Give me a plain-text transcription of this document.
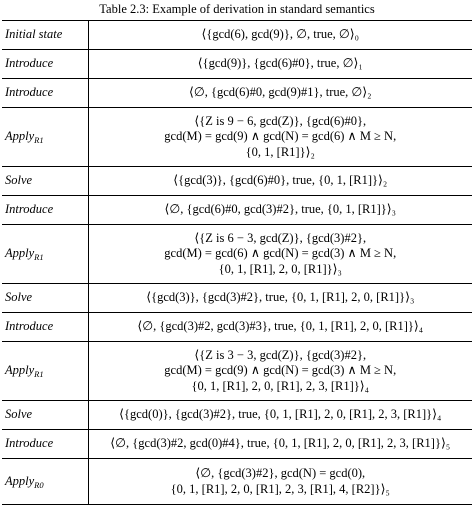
Table 2.3: Example of derivation in standard semantics
Initial state	⟨{gcd(6), gcd(9)}, ∅, true, ∅⟩₀

Introduce	⟨{gcd(9)}, {gcd(6)#0}, true, ∅⟩₁

Introduce	⟨∅, {gcd(6)#0, gcd(9)#1}, true, ∅⟩₂

Apply$_{R1}$	⟨{Z is 9 − 6, gcd(Z)}, {gcd(6)#0},
gcd(M) = gcd(9) ∧ gcd(N) = gcd(6) ∧ M ≥ N,
{0, 1, [R1]}⟩₂

Solve	⟨{gcd(3)}, {gcd(6)#0}, true, {0, 1, [R1]}⟩₂

Introduce	⟨∅, {gcd(6)#0, gcd(3)#2}, true, {0, 1, [R1]}⟩₃

Apply$_{R1}$	⟨{Z is 6 − 3, gcd(Z)}, {gcd(3)#2},
gcd(M) = gcd(6) ∧ gcd(N) = gcd(3) ∧ M ≥ N,
{0, 1, [R1], 2, 0, [R1]}⟩₃

Solve	⟨{gcd(3)}, {gcd(3)#2}, true, {0, 1, [R1], 2, 0, [R1]}⟩₃

Introduce	⟨∅, {gcd(3)#2, gcd(3)#3}, true, {0, 1, [R1], 2, 0, [R1]}⟩₄

Apply$_{R1}$	⟨{Z is 3 − 3, gcd(Z)}, {gcd(3)#2},
gcd(M) = gcd(9) ∧ gcd(N) = gcd(3) ∧ M ≥ N,
{0, 1, [R1], 2, 0, [R1], 2, 3, [R1]}⟩₄

Solve	⟨{gcd(0)}, {gcd(3)#2}, true, {0, 1, [R1], 2, 0, [R1], 2, 3, [R1]}⟩₄

Introduce	⟨∅, {gcd(3)#2, gcd(0)#4}, true, {0, 1, [R1], 2, 0, [R1], 2, 3, [R1]}⟩₅

Apply$_{R0}$	⟨∅, {gcd(3)#2}, gcd(N) = gcd(0),
{0, 1, [R1], 2, 0, [R1], 2, 3, [R1], 4, [R2]}⟩₅
